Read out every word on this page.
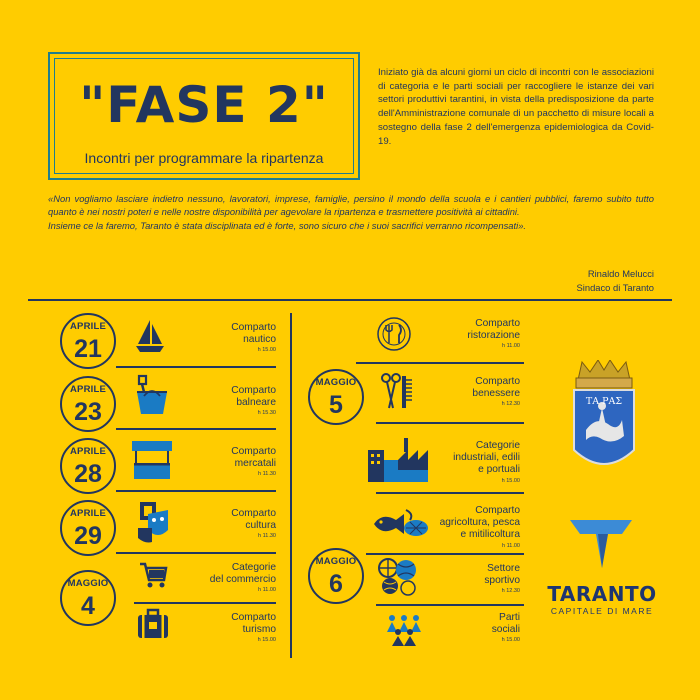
"FASE 2"
Incontri per programmare la ripartenza
Iniziato già da alcuni giorni un ciclo di incontri con le associazioni di categoria e le parti sociali per raccogliere le istanze dei vari settori produttivi tarantini, in vista della predisposizione da parte dell'Amministrazione comunale di un pacchetto di misure locali a sostegno della fase 2 dell'emergenza epidemiologica da Covid-19.

«Non vogliamo lasciare indietro nessuno, lavoratori, imprese, famiglie, persino il mondo della scuola e i cantieri pubblici, faremo subito tutto quanto è nei nostri poteri e nelle nostre disponibilità per agevolare la ripartenza e trasmettere positività ai cittadini.

Insieme ce la faremo, Taranto è stata disciplinata ed è forte, sono sicuro che i suoi sacrifici verranno ricompensati».

Rinaldo Melucci
Sindaco di Taranto
APRILE
21
Comparto
nautico
h 15.00
APRILE
23
Comparto
balneare
h 15.30
APRILE
28
Comparto
mercatali
h 11.30
APRILE
29
Comparto
cultura
h 11.30
MAGGIO
4
Categorie
del commercio
h 11.00
Comparto
turismo
h 15.00
Comparto
ristorazione
h 11.00
MAGGIO
5
Comparto
benessere
h 12.30
Categorie
industriali, edili
e portuali
h 15.00
Comparto
agricoltura, pesca
e mitilicoltura
h 11.00
MAGGIO
6
Settore
sportivo
h 12.30
Parti
sociali
h 15.00
ΤΑ ΡΑΣ
TARANTO
CAPITALE DI MARE
